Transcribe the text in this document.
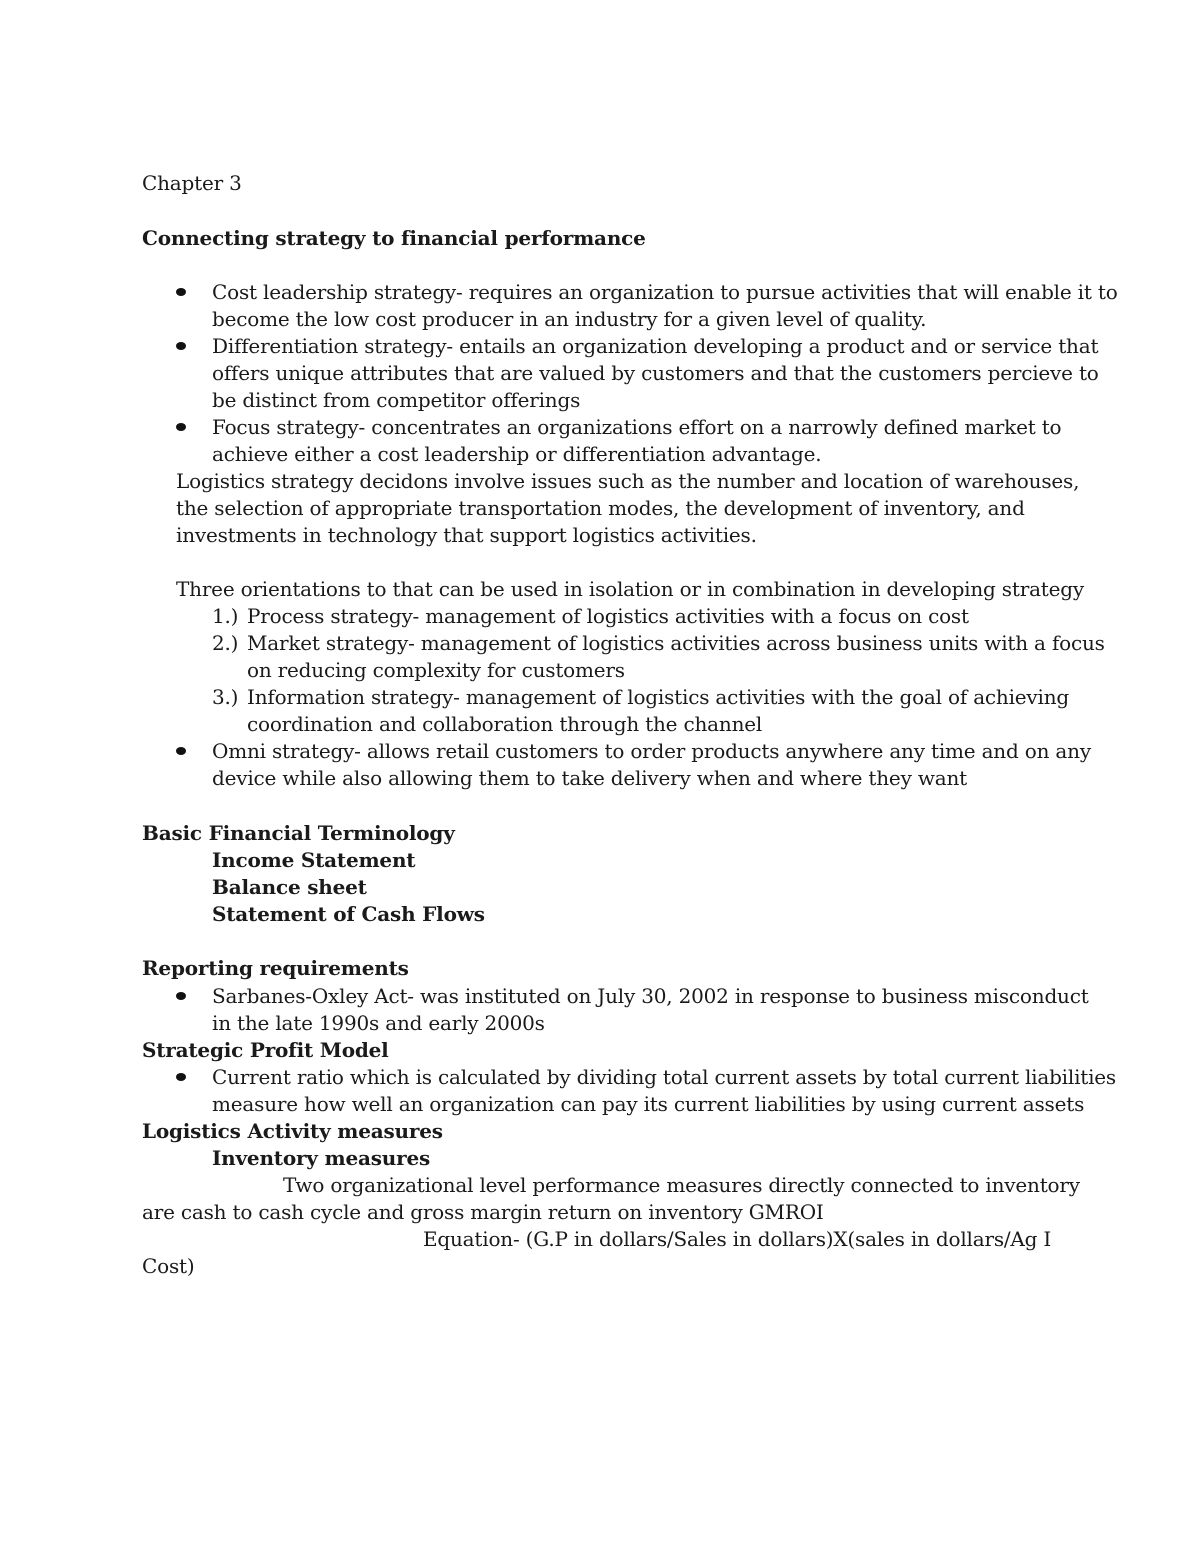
Chapter 3
Connecting strategy to financial performance
Cost leadership strategy- requires an organization to pursue activities that will enable it to
become the low cost producer in an industry for a given level of quality.
Differentiation strategy- entails an organization developing a product and or service that
offers unique attributes that are valued by customers and that the customers percieve to
be distinct from competitor offerings
Focus strategy- concentrates an organizations effort on a narrowly defined market to
achieve either a cost leadership or differentiation advantage.
Logistics strategy decidons involve issues such as the number and location of warehouses,
the selection of appropriate transportation modes, the development of inventory, and
investments in technology that support logistics activities.
Three orientations to that can be used in isolation or in combination in developing strategy
1.) Process strategy- management of logistics activities with a focus on cost
2.) Market strategy- management of logistics activities across business units with a focus
on reducing complexity for customers
3.) Information strategy- management of logistics activities with the goal of achieving
coordination and collaboration through the channel
Omni strategy- allows retail customers to order products anywhere any time and on any
device while also allowing them to take delivery when and where they want
Basic Financial Terminology
Income Statement
Balance sheet
Statement of Cash Flows
Reporting requirements
Sarbanes-Oxley Act- was instituted on July 30, 2002 in response to business misconduct
in the late 1990s and early 2000s
Strategic Profit Model
Current ratio which is calculated by dividing total current assets by total current liabilities
measure how well an organization can pay its current liabilities by using current assets
Logistics Activity measures
Inventory measures
Two organizational level performance measures directly connected to inventory
are cash to cash cycle and gross margin return on inventory GMROI
Equation- (G.P in dollars/Sales in dollars)X(sales in dollars/Ag I
Cost)
